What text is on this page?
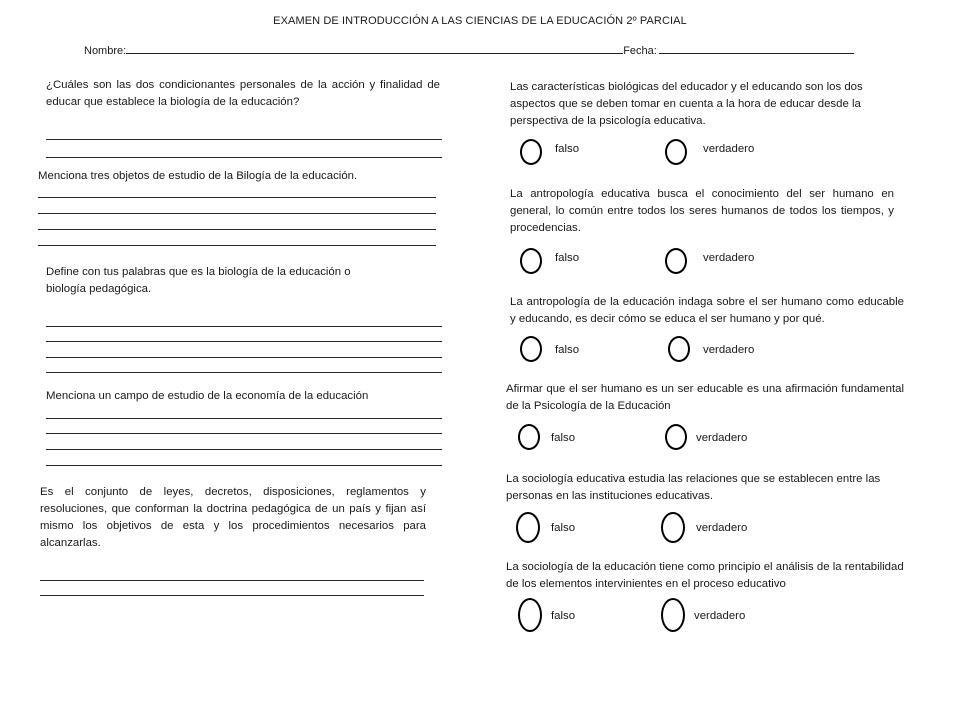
EXAMEN DE INTRODUCCIÓN A LAS CIENCIAS DE LA EDUCACIÓN 2º PARCIAL
Nombre:	Fecha:
¿Cuáles son las dos condicionantes personales de la acción y finalidad de educar que establece la biología de la educación?
Menciona tres objetos de estudio de la Bilogía de la educación.
Define con tus palabras que es la biología de la educación o biología pedagógica.
Menciona un campo de estudio de la economía de la educación
Es el conjunto de leyes, decretos, disposiciones, reglamentos y resoluciones, que conforman la doctrina pedagógica de un país y fijan así mismo los objetivos de esta y los procedimientos necesarios para alcanzarlas.
Las características biológicas del educador y el educando son los dos aspectos que se deben tomar en cuenta a la hora de educar desde la perspectiva de la psicología educativa.
falso	verdadero
La antropología educativa busca el conocimiento del ser humano en general, lo común entre todos los seres humanos de todos los tiempos, y procedencias.
falso	verdadero
La antropología de la educación indaga sobre el ser humano como educable y educando, es decir cómo se educa el ser humano y por qué.
falso	verdadero
Afirmar que el ser humano es un ser educable es una afirmación fundamental de la Psicología de la Educación
falso	verdadero
La sociología educativa estudia las relaciones que se establecen entre las personas en las instituciones educativas.
falso	verdadero
La sociología de la educación tiene como principio el análisis de la rentabilidad de los elementos intervinientes en el proceso educativo
falso	verdadero
